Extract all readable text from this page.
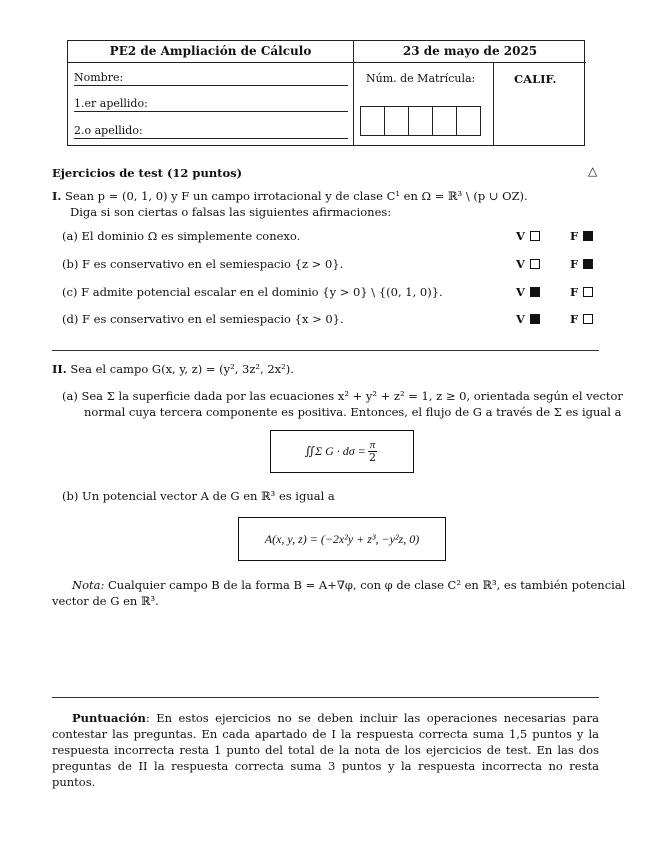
PE2 de Ampliación de Cálculo	23 de mayo de 2025
Nombre:
1.er apellido:
2.o apellido:
Núm. de Matrícula:	CALIF.
Ejercicios de test (12 puntos)	△
I. Sean p = (0, 1, 0) y F un campo irrotacional y de clase C¹ en Ω = ℝ³ \ (p ∪ OZ).
Diga si son ciertas o falsas las siguientes afirmaciones:
(a) El dominio Ω es simplemente conexo.	V	F
(b) F es conservativo en el semiespacio {z > 0}.	V	F
(c) F admite potencial escalar en el dominio {y > 0} \ {(0, 1, 0)}.	V	F
(d) F es conservativo en el semiespacio {x > 0}.	V	F
II. Sea el campo G(x, y, z) = (y², 3z², 2x²).
(a) Sea Σ la superficie dada por las ecuaciones x² + y² + z² = 1, z ≥ 0, orientada según el vector
normal cuya tercera componente es positiva. Entonces, el flujo de G a través de Σ es igual a
∬Σ $G \cdot d\sigma = \frac{\pi}{2}$
(b) Un potencial vector A de G en ℝ³ es igual a
A(x, y, z) = (−2x²y + z³, −y²z, 0)
Nota: Cualquier campo B de la forma B = A+∇φ, con φ de clase C² en ℝ³, es también potencial
vector de G en ℝ³.
Puntuación: En estos ejercicios no se deben incluir las operaciones necesarias para contestar las preguntas. En cada apartado de I la respuesta correcta suma 1,5 puntos y la respuesta incorrecta resta 1 punto del total de la nota de los ejercicios de test. En las dos preguntas de II la respuesta correcta suma 3 puntos y la respuesta incorrecta no resta puntos.
